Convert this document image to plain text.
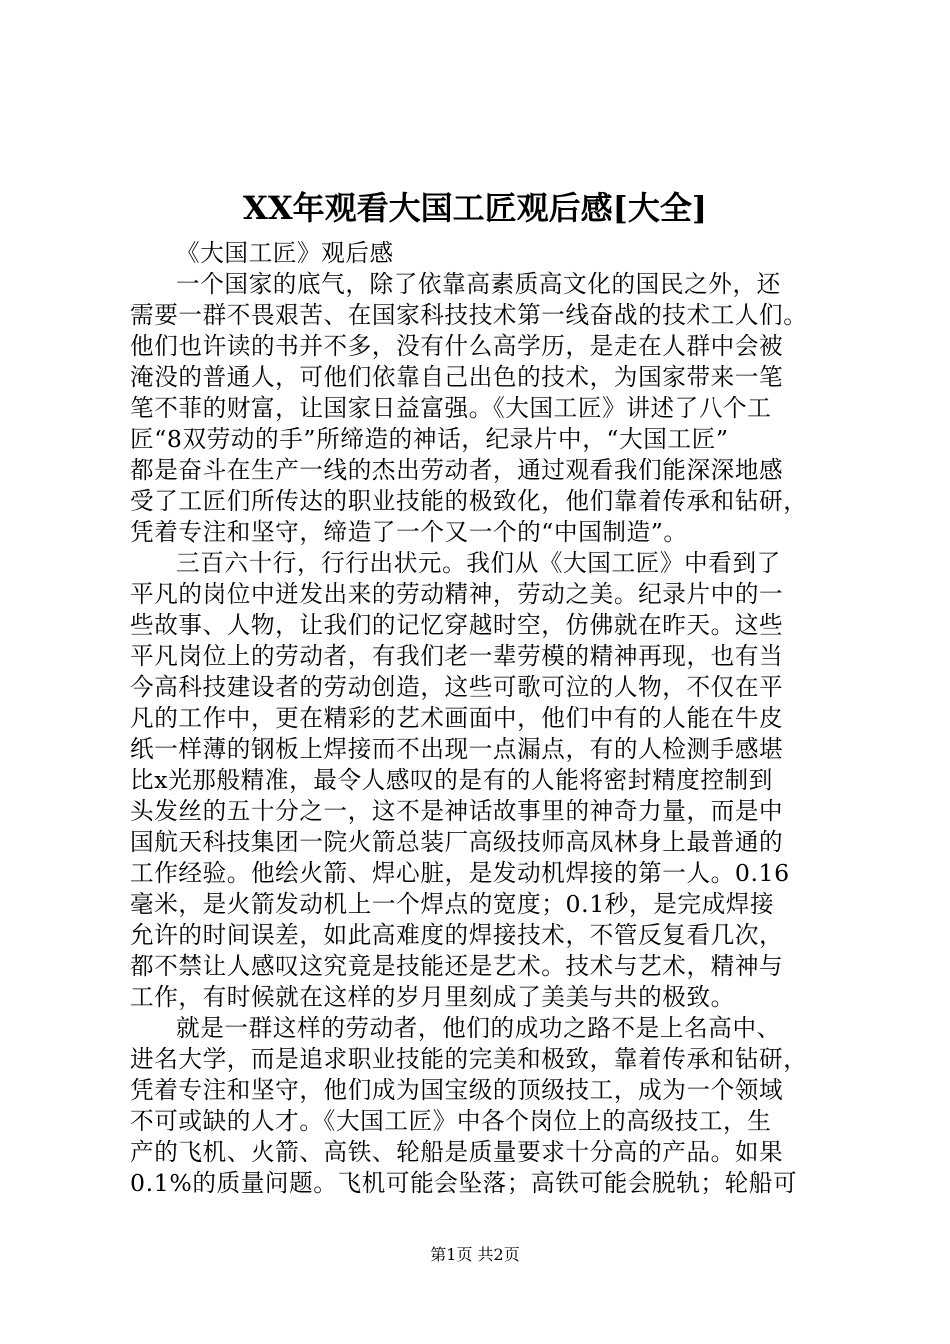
XX年观看大国工匠观后感[大全]
《大国工匠》观后感
一个国家的底气，除了依靠高素质高文化的国民之外，还
需要一群不畏艰苦、在国家科技技术第一线奋战的技术工人们。
他们也许读的书并不多，没有什么高学历，是走在人群中会被
淹没的普通人，可他们依靠自己出色的技术，为国家带来一笔
笔不菲的财富，让国家日益富强。《大国工匠》讲述了八个工
匠“8双劳动的手”所缔造的神话，纪录片中，“大国工匠”
都是奋斗在生产一线的杰出劳动者，通过观看我们能深深地感
受了工匠们所传达的职业技能的极致化，他们靠着传承和钻研，
凭着专注和坚守，缔造了一个又一个的“中国制造”。
三百六十行，行行出状元。我们从《大国工匠》中看到了
平凡的岗位中迸发出来的劳动精神，劳动之美。纪录片中的一
些故事、人物，让我们的记忆穿越时空，仿佛就在昨天。这些
平凡岗位上的劳动者，有我们老一辈劳模的精神再现，也有当
今高科技建设者的劳动创造，这些可歌可泣的人物，不仅在平
凡的工作中，更在精彩的艺术画面中，他们中有的人能在牛皮
纸一样薄的钢板上焊接而不出现一点漏点，有的人检测手感堪
比x光那般精准，最令人感叹的是有的人能将密封精度控制到
头发丝的五十分之一，这不是神话故事里的神奇力量，而是中
国航天科技集团一院火箭总装厂高级技师高凤林身上最普通的
工作经验。他绘火箭、焊心脏，是发动机焊接的第一人。0.16
毫米，是火箭发动机上一个焊点的宽度；0.1秒，是完成焊接
允许的时间误差，如此高难度的焊接技术，不管反复看几次，
都不禁让人感叹这究竟是技能还是艺术。技术与艺术，精神与
工作，有时候就在这样的岁月里刻成了美美与共的极致。
就是一群这样的劳动者，他们的成功之路不是上名高中、
进名大学，而是追求职业技能的完美和极致，靠着传承和钻研，
凭着专注和坚守，他们成为国宝级的顶级技工，成为一个领域
不可或缺的人才。《大国工匠》中各个岗位上的高级技工，生
产的飞机、火箭、高铁、轮船是质量要求十分高的产品。如果
0.1%的质量问题。飞机可能会坠落；高铁可能会脱轨；轮船可
第1页 共2页
